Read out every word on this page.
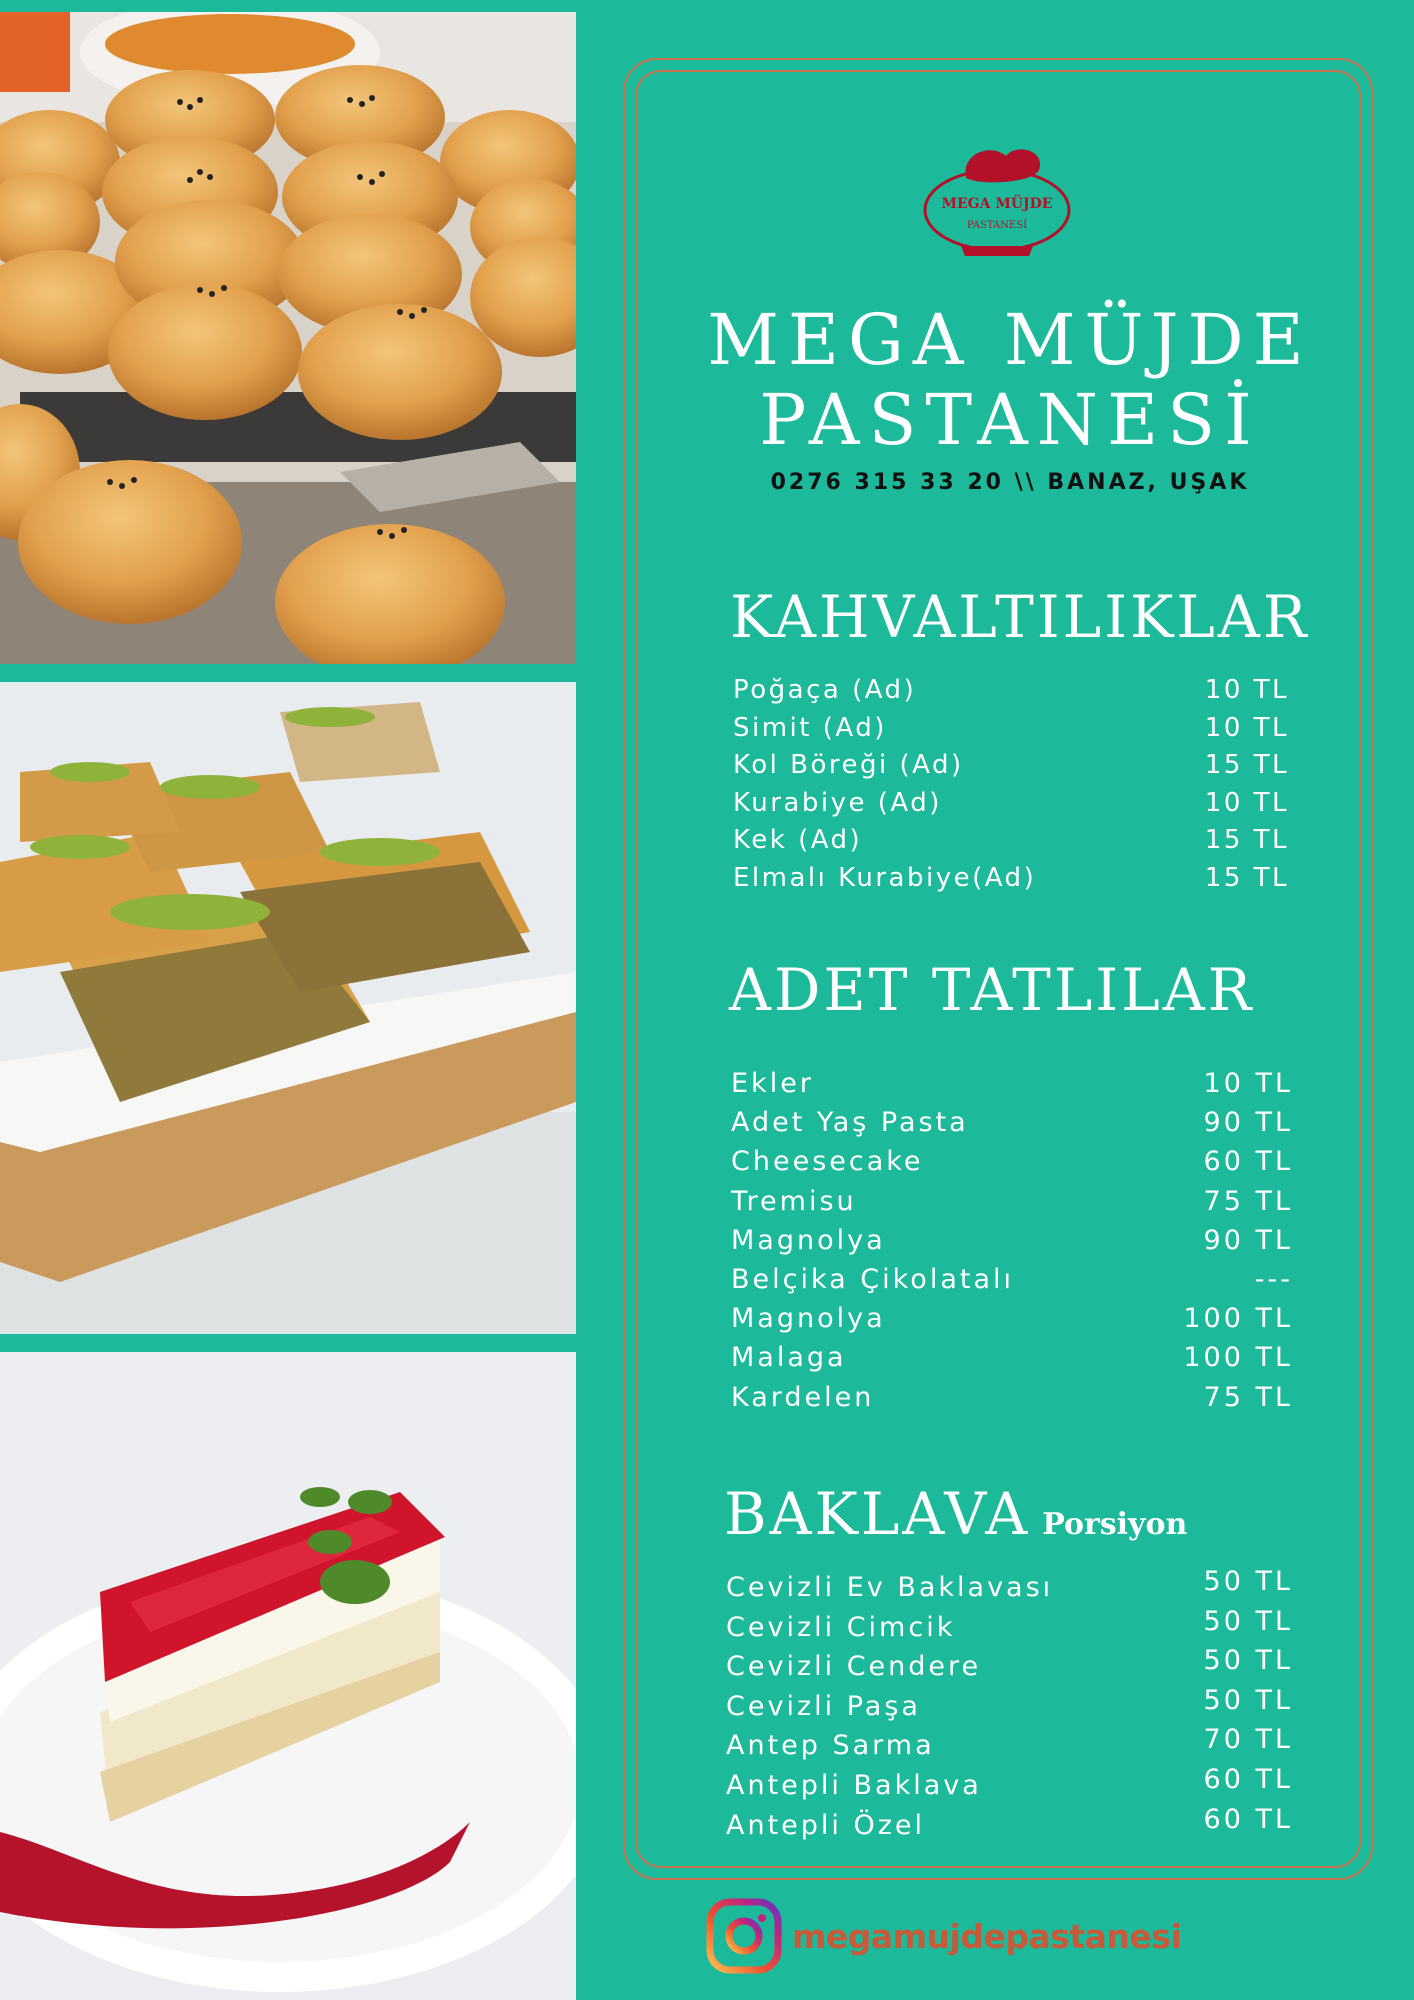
MEGA MÜJDE
PASTANESİ
MEGA MÜJDE
PASTANESİ
0276 315 33 20 \\ BANAZ, UŞAK
KAHVALTILIKLAR
Poğaça (Ad)	10 TL
Simit (Ad)	10 TL
Kol Böreği (Ad)	15 TL
Kurabiye (Ad)	10 TL
Kek (Ad)	15 TL
Elmalı Kurabiye(Ad)	15 TL
ADET TATLILAR
Ekler	10 TL
Adet Yaş Pasta	90 TL
Cheesecake	60 TL
Tremisu	75 TL
Magnolya	90 TL
Belçika Çikolatalı	---
Magnolya	100 TL
Malaga	100 TL
Kardelen	75 TL
BAKLAVA Porsiyon
Cevizli Ev Baklavası	50 TL
Cevizli Cimcik	50 TL
Cevizli Cendere	50 TL
Cevizli Paşa	50 TL
Antep Sarma	70 TL
Antepli Baklava	60 TL
Antepli Özel	60 TL
megamujdepastanesi
